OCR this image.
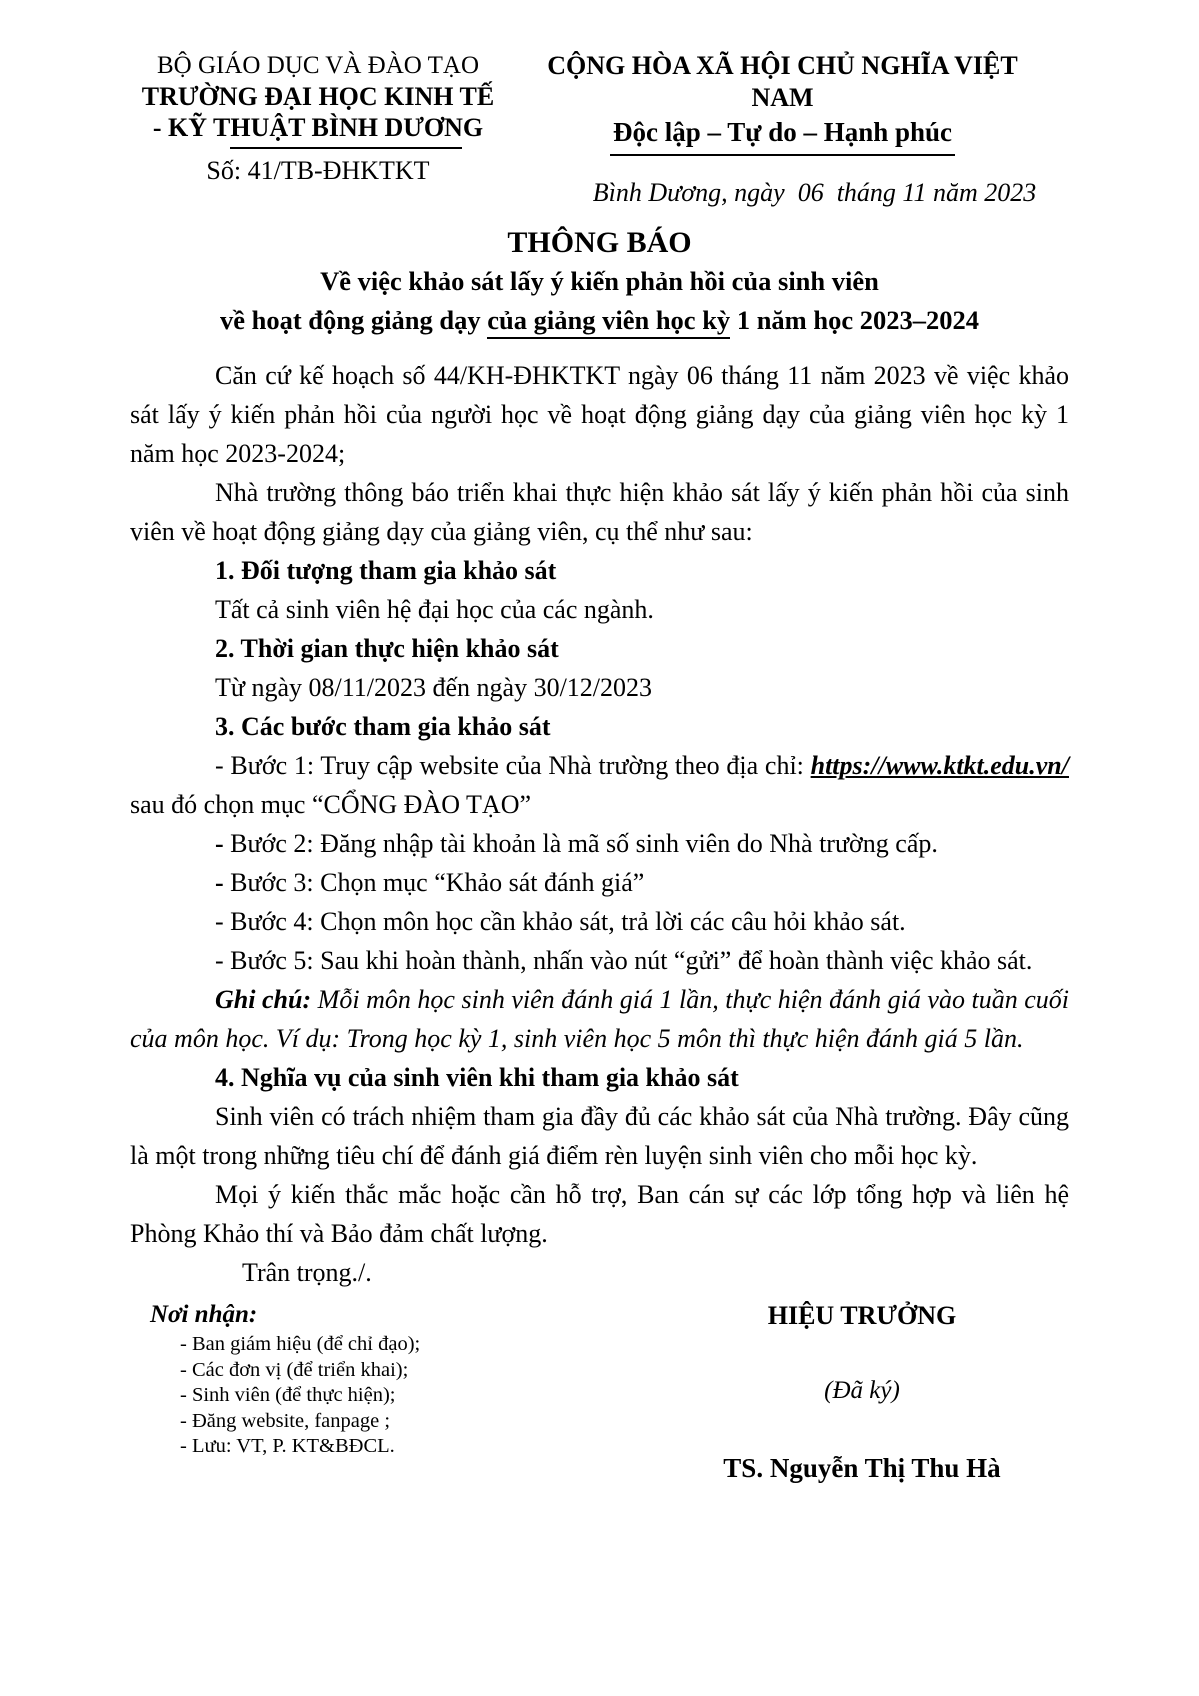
BỘ GIÁO DỤC VÀ ĐÀO TẠO
TRƯỜNG ĐẠI HỌC KINH TẾ
- KỸ THUẬT BÌNH DƯƠNG
Số: 41/TB-ĐHKTKT
CỘNG HÒA XÃ HỘI CHỦ NGHĨA VIỆT NAM
Độc lập – Tự do – Hạnh phúc
Bình Dương, ngày  06  tháng 11 năm 2023
THÔNG BÁO
Về việc khảo sát lấy ý kiến phản hồi của sinh viên
về hoạt động giảng dạy của giảng viên học kỳ 1 năm học 2023–2024

Căn cứ kế hoạch số 44/KH-ĐHKTKT ngày 06 tháng 11 năm 2023 về việc khảo sát lấy ý kiến phản hồi của người học về hoạt động giảng dạy của giảng viên học kỳ 1 năm học 2023-2024;

Nhà trường thông báo triển khai thực hiện khảo sát lấy ý kiến phản hồi của sinh viên về hoạt động giảng dạy của giảng viên, cụ thể như sau:

1. Đối tượng tham gia khảo sát

Tất cả sinh viên hệ đại học của các ngành.

2. Thời gian thực hiện khảo sát

Từ ngày 08/11/2023 đến ngày 30/12/2023

3. Các bước tham gia khảo sát

- Bước 1: Truy cập website của Nhà trường theo địa chỉ: https://www.ktkt.edu.vn/ sau đó chọn mục “CỔNG ĐÀO TẠO”

- Bước 2: Đăng nhập tài khoản là mã số sinh viên do Nhà trường cấp.

- Bước 3: Chọn mục “Khảo sát đánh giá”

- Bước 4: Chọn môn học cần khảo sát, trả lời các câu hỏi khảo sát.

- Bước 5: Sau khi hoàn thành, nhấn vào nút “gửi” để hoàn thành việc khảo sát.

Ghi chú: Mỗi môn học sinh viên đánh giá 1 lần, thực hiện đánh giá vào tuần cuối của môn học. Ví dụ: Trong học kỳ 1, sinh viên học 5 môn thì thực hiện đánh giá 5 lần.

4. Nghĩa vụ của sinh viên khi tham gia khảo sát

Sinh viên có trách nhiệm tham gia đầy đủ các khảo sát của Nhà trường. Đây cũng là một trong những tiêu chí để đánh giá điểm rèn luyện sinh viên cho mỗi học kỳ.

Mọi ý kiến thắc mắc hoặc cần hỗ trợ, Ban cán sự các lớp tổng hợp và liên hệ Phòng Khảo thí và Bảo đảm chất lượng.

Trân trọng./.

Nơi nhận:
- Ban giám hiệu (để chỉ đạo);
- Các đơn vị (để triển khai);
- Sinh viên (để thực hiện);
- Đăng website, fanpage ;
- Lưu: VT, P. KT&BĐCL.
HIỆU TRƯỞNG
(Đã ký)
TS. Nguyễn Thị Thu Hà
